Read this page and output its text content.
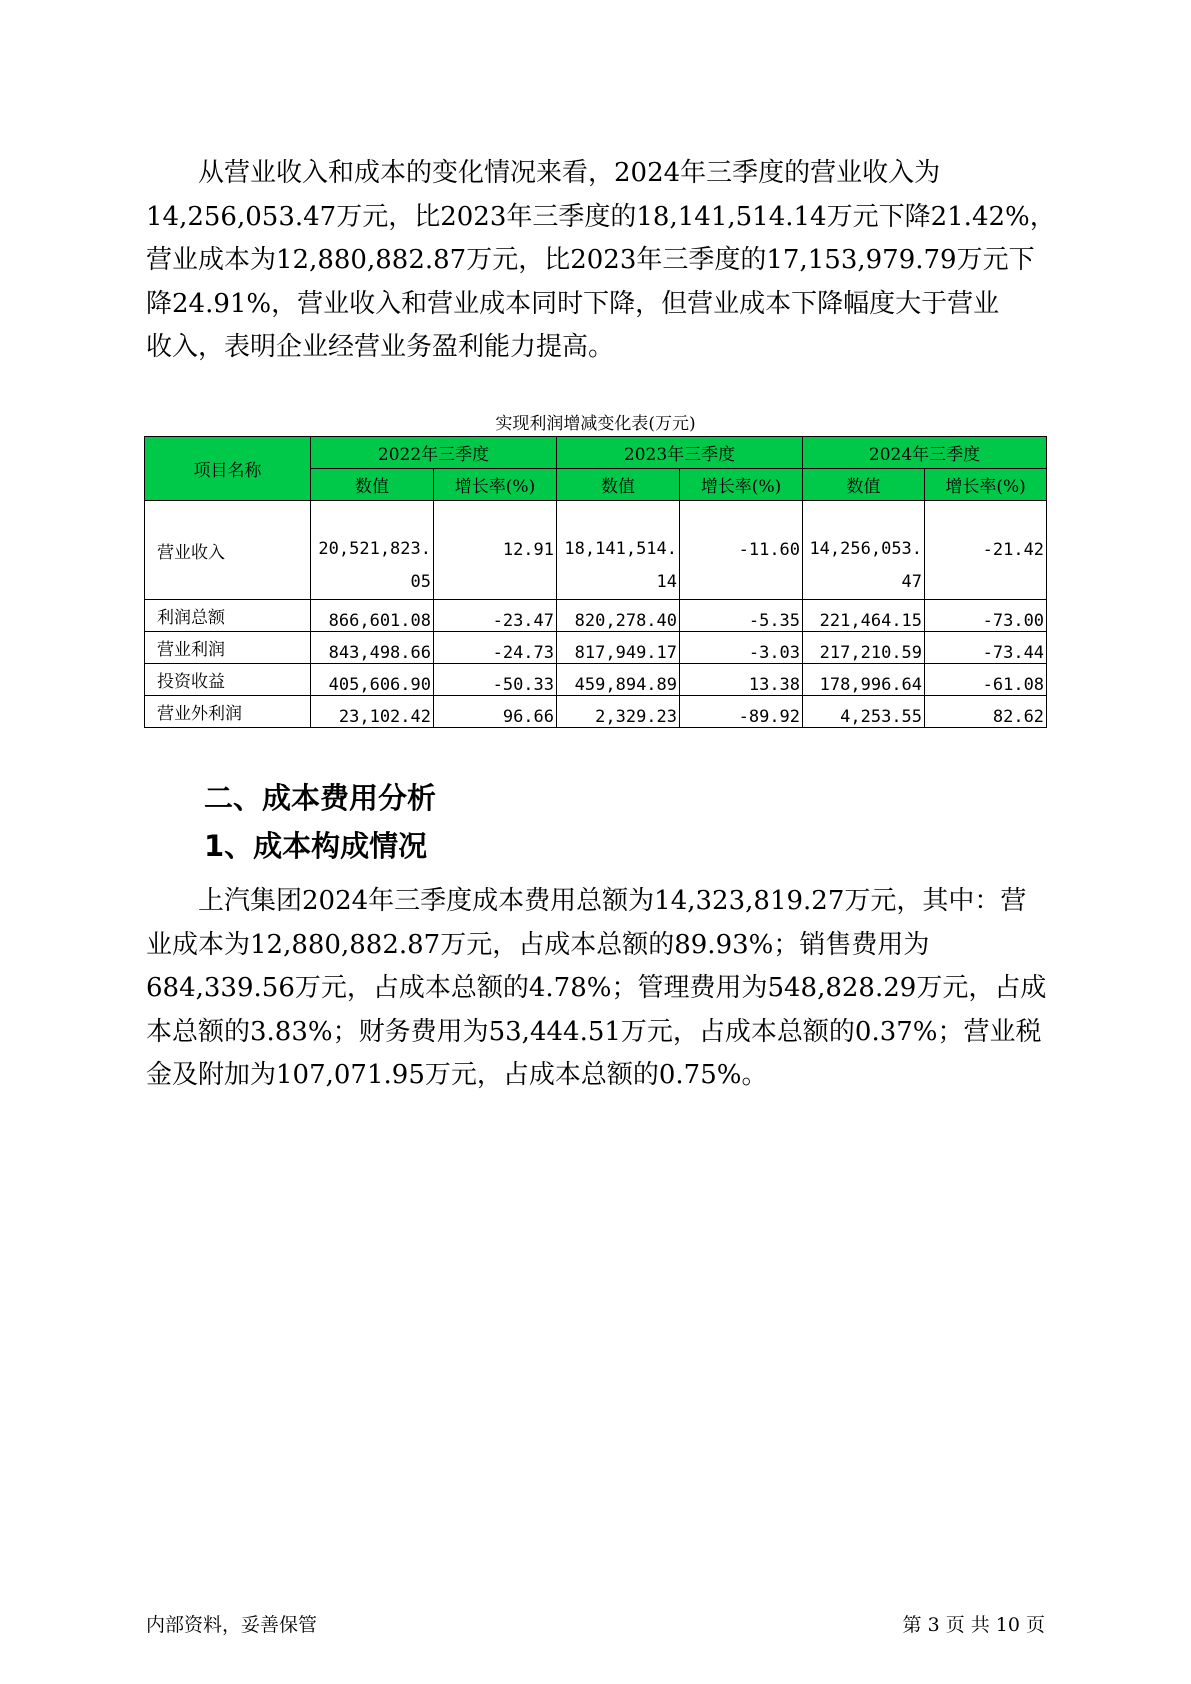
从营业收入和成本的变化情况来看，2024年三季度的营业收入为
14,256,053.47万元，比2023年三季度的18,141,514.14万元下降21.42%，
营业成本为12,880,882.87万元，比2023年三季度的17,153,979.79万元下
降24.91%，营业收入和营业成本同时下降，但营业成本下降幅度大于营业
收入，表明企业经营业务盈利能力提高。
实现利润增减变化表(万元)
项目名称	2022年三季度		2023年三季度		2024年三季度	
	数值	增长率(%)	数值	增长率(%)	数值	增长率(%)
营业收入	20,521,823.05	12.91	18,141,514.14	-11.60	14,256,053.47	-21.42
利润总额	866,601.08	-23.47	820,278.40	-5.35	221,464.15	-73.00
营业利润	843,498.66	-24.73	817,949.17	-3.03	217,210.59	-73.44
投资收益	405,606.90	-50.33	459,894.89	13.38	178,996.64	-61.08
营业外利润	23,102.42	96.66	2,329.23	-89.92	4,253.55	82.62
二、成本费用分析
1、成本构成情况
上汽集团2024年三季度成本费用总额为14,323,819.27万元，其中：营
业成本为12,880,882.87万元，占成本总额的89.93%；销售费用为
684,339.56万元，占成本总额的4.78%；管理费用为548,828.29万元，占成
本总额的3.83%；财务费用为53,444.51万元，占成本总额的0.37%；营业税
金及附加为107,071.95万元，占成本总额的0.75%。
内部资料，妥善保管	第 3 页 共 10 页
